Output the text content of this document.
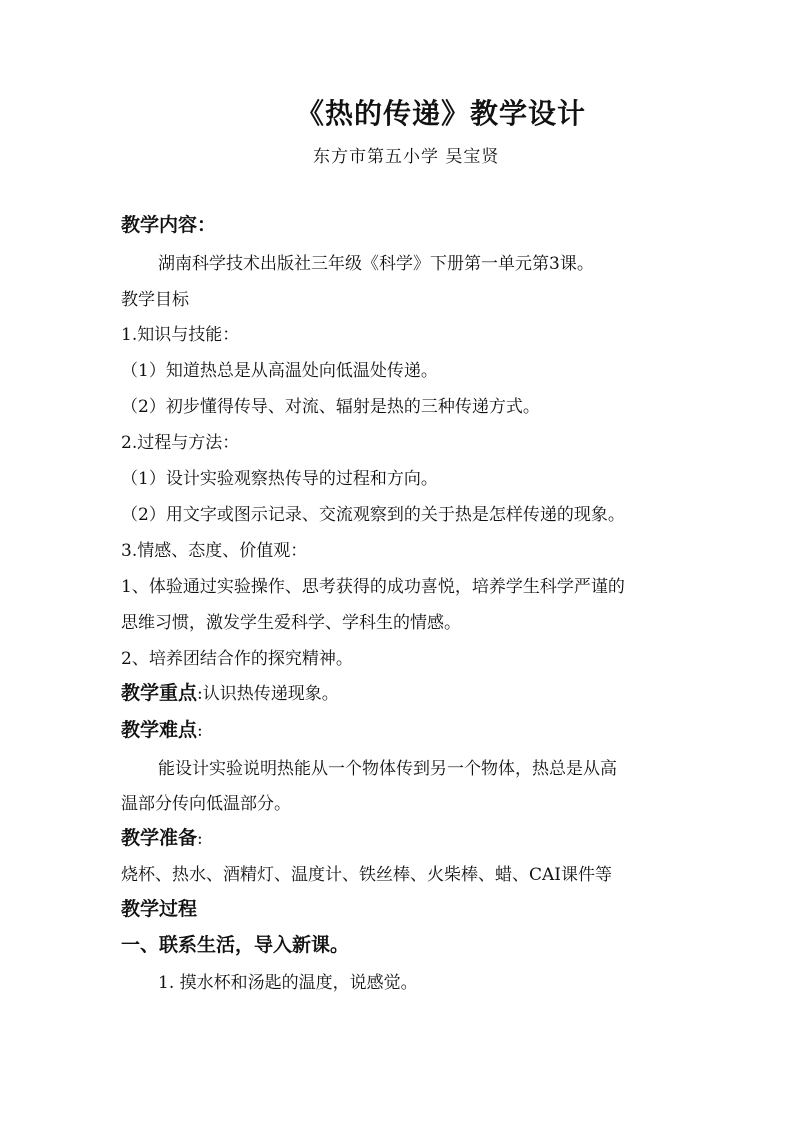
《热的传递》教学设计
东方市第五小学 吴宝贤
教学内容：
湖南科学技术出版社三年级《科学》下册第一单元第3课。
教学目标
1.知识与技能：
（1）知道热总是从高温处向低温处传递。
（2）初步懂得传导、对流、辐射是热的三种传递方式。
2.过程与方法：
（1）设计实验观察热传导的过程和方向。
（2）用文字或图示记录、交流观察到的关于热是怎样传递的现象。
3.情感、态度、价值观：
1、体验通过实验操作、思考获得的成功喜悦，培养学生科学严谨的
思维习惯，激发学生爱科学、学科生的情感。
2、培养团结合作的探究精神。
教学重点:认识热传递现象。
教学难点:
能设计实验说明热能从一个物体传到另一个物体，热总是从高
温部分传向低温部分。
教学准备:
烧杯、热水、酒精灯、温度计、铁丝棒、火柴棒、蜡、CAI课件等
教学过程
一、联系生活，导入新课。
1. 摸水杯和汤匙的温度，说感觉。
